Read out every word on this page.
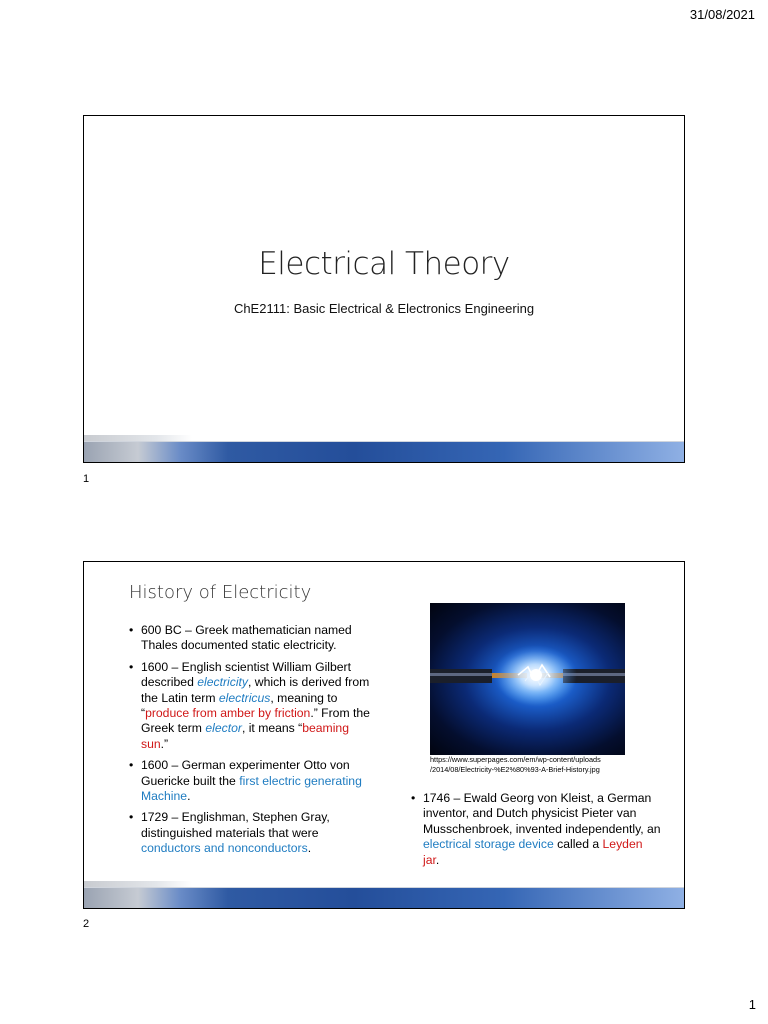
31/08/2021
Electrical Theory
ChE2111: Basic Electrical & Electronics Engineering
1
History of Electricity
• 600 BC – Greek mathematician named Thales documented static electricity.
• 1600 – English scientist William Gilbert described electricity, which is derived from the Latin term electricus, meaning to “produce from amber by friction.” From the Greek term elector, it means “beaming sun.”
• 1600 – German experimenter Otto von Guericke built the first electric generating Machine.
• 1729 – Englishman, Stephen Gray, distinguished materials that were conductors and nonconductors.
https://www.superpages.com/em/wp-content/uploads
/2014/08/Electricity-%E2%80%93-A-Brief-History.jpg
• 1746 – Ewald Georg von Kleist, a German inventor, and Dutch physicist Pieter van Musschenbroek, invented independently, an electrical storage device called a Leyden jar.
2
1
